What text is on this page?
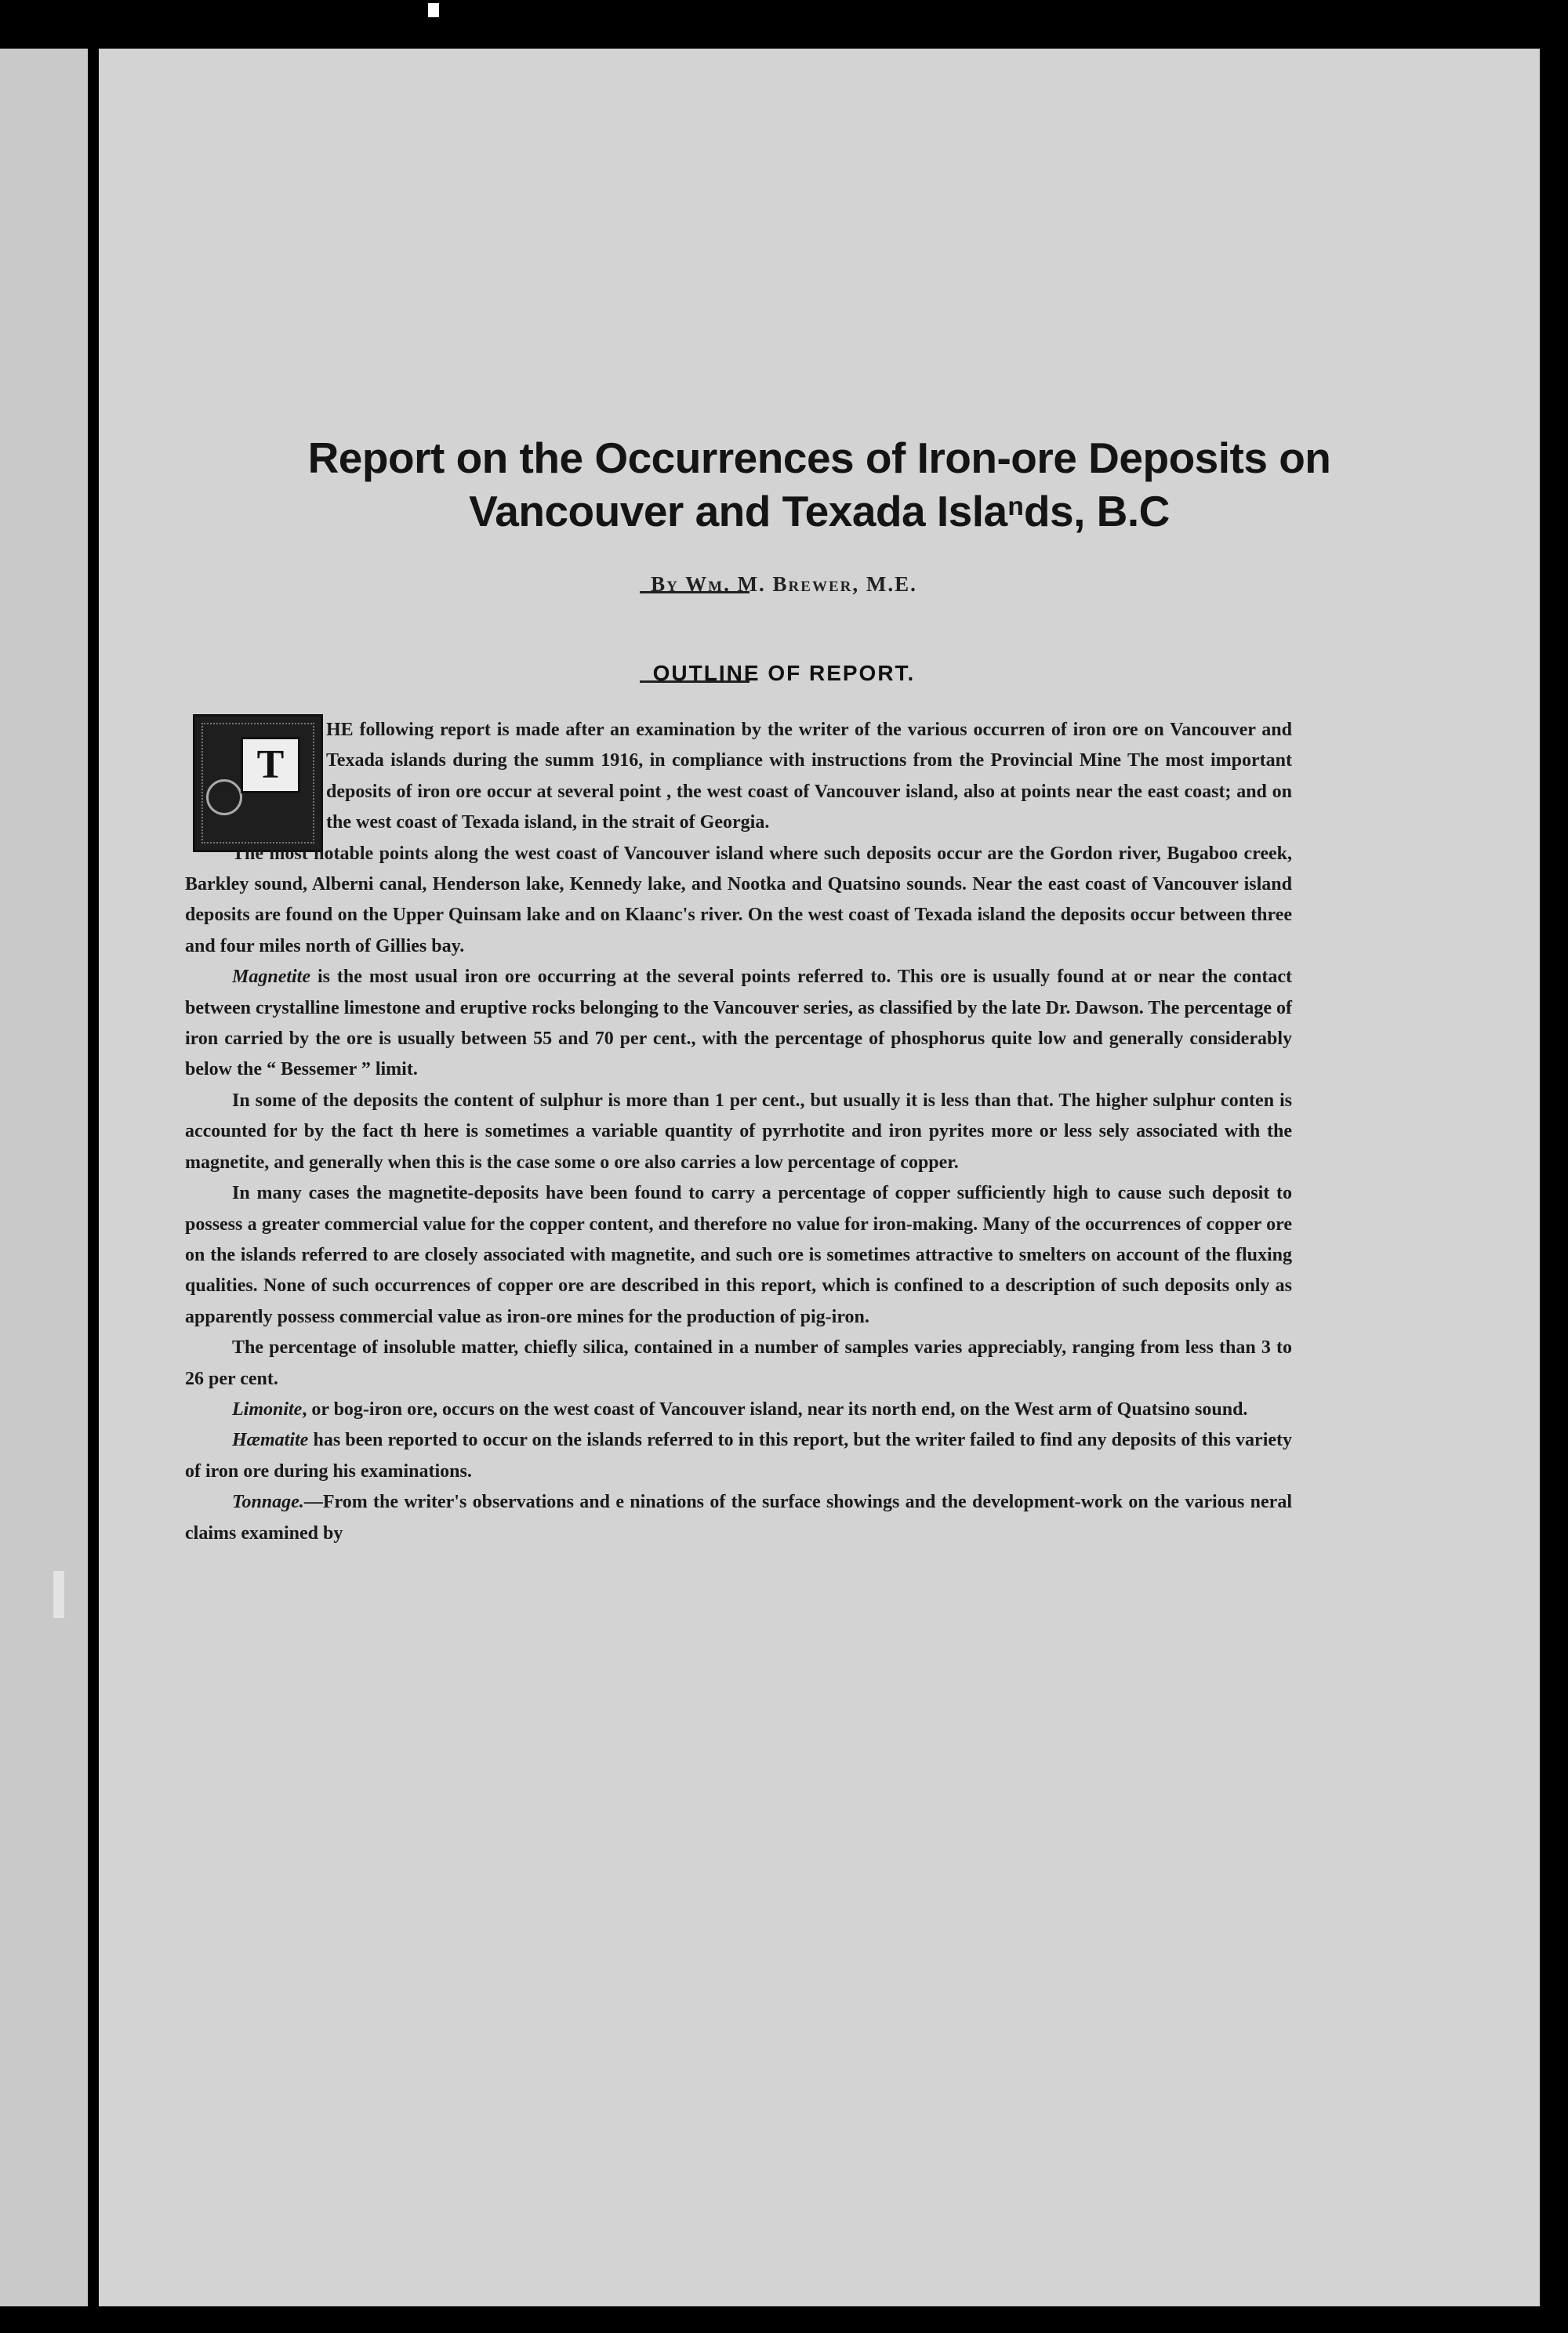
Report on the Occurrences of Iron-ore Deposits on
Vancouver and Texada Islaⁿds, B.C
By Wm. M. Brewer, M.E.
OUTLINE OF REPORT.
T

HE following report is made after an examination by the writer of the various occurren of iron ore on Vancouver and Texada islands during the summ 1916, in compliance with instructions from the Provincial Mine The most important deposits of iron ore occur at several point , the west coast of Vancouver island, also at points near the east coast; and on the west coast of Texada island, in the strait of Georgia.

The most notable points along the west coast of Vancouver island where such deposits occur are the Gordon river, Bugaboo creek, Barkley sound, Alberni canal, Henderson lake, Kennedy lake, and Nootka and Quatsino sounds. Near the east coast of Vancouver island deposits are found on the Upper Quinsam lake and on Klaanc's river. On the west coast of Texada island the deposits occur between three and four miles north of Gillies bay.

Magnetite is the most usual iron ore occurring at the several points referred to. This ore is usually found at or near the contact between crystalline limestone and eruptive rocks belonging to the Vancouver series, as classified by the late Dr. Dawson. The percentage of iron carried by the ore is usually between 55 and 70 per cent., with the percentage of phosphorus quite low and generally considerably below the “ Bessemer ” limit.

In some of the deposits the content of sulphur is more than 1 per cent., but usually it is less than that. The higher sulphur conten is accounted for by the fact th here is sometimes a variable quantity of pyrrhotite and iron pyrites more or less sely associated with the magnetite, and generally when this is the case some o ore also carries a low percentage of copper.

In many cases the magnetite-deposits have been found to carry a percentage of copper sufficiently high to cause such deposit to possess a greater commercial value for the copper content, and therefore no value for iron-making. Many of the occurrences of copper ore on the islands referred to are closely associated with magnetite, and such ore is sometimes attractive to smelters on account of the fluxing qualities. None of such occurrences of copper ore are described in this report, which is confined to a description of such deposits only as apparently possess commercial value as iron-ore mines for the production of pig-iron.

The percentage of insoluble matter, chiefly silica, contained in a number of samples varies appreciably, ranging from less than 3 to 26 per cent.

Limonite, or bog-iron ore, occurs on the west coast of Vancouver island, near its north end, on the West arm of Quatsino sound.

Hæmatite has been reported to occur on the islands referred to in this report, but the writer failed to find any deposits of this variety of iron ore during his examinations.

Tonnage.—From the writer's observations and e ninations of the surface showings and the development-work on the various neral claims examined by
